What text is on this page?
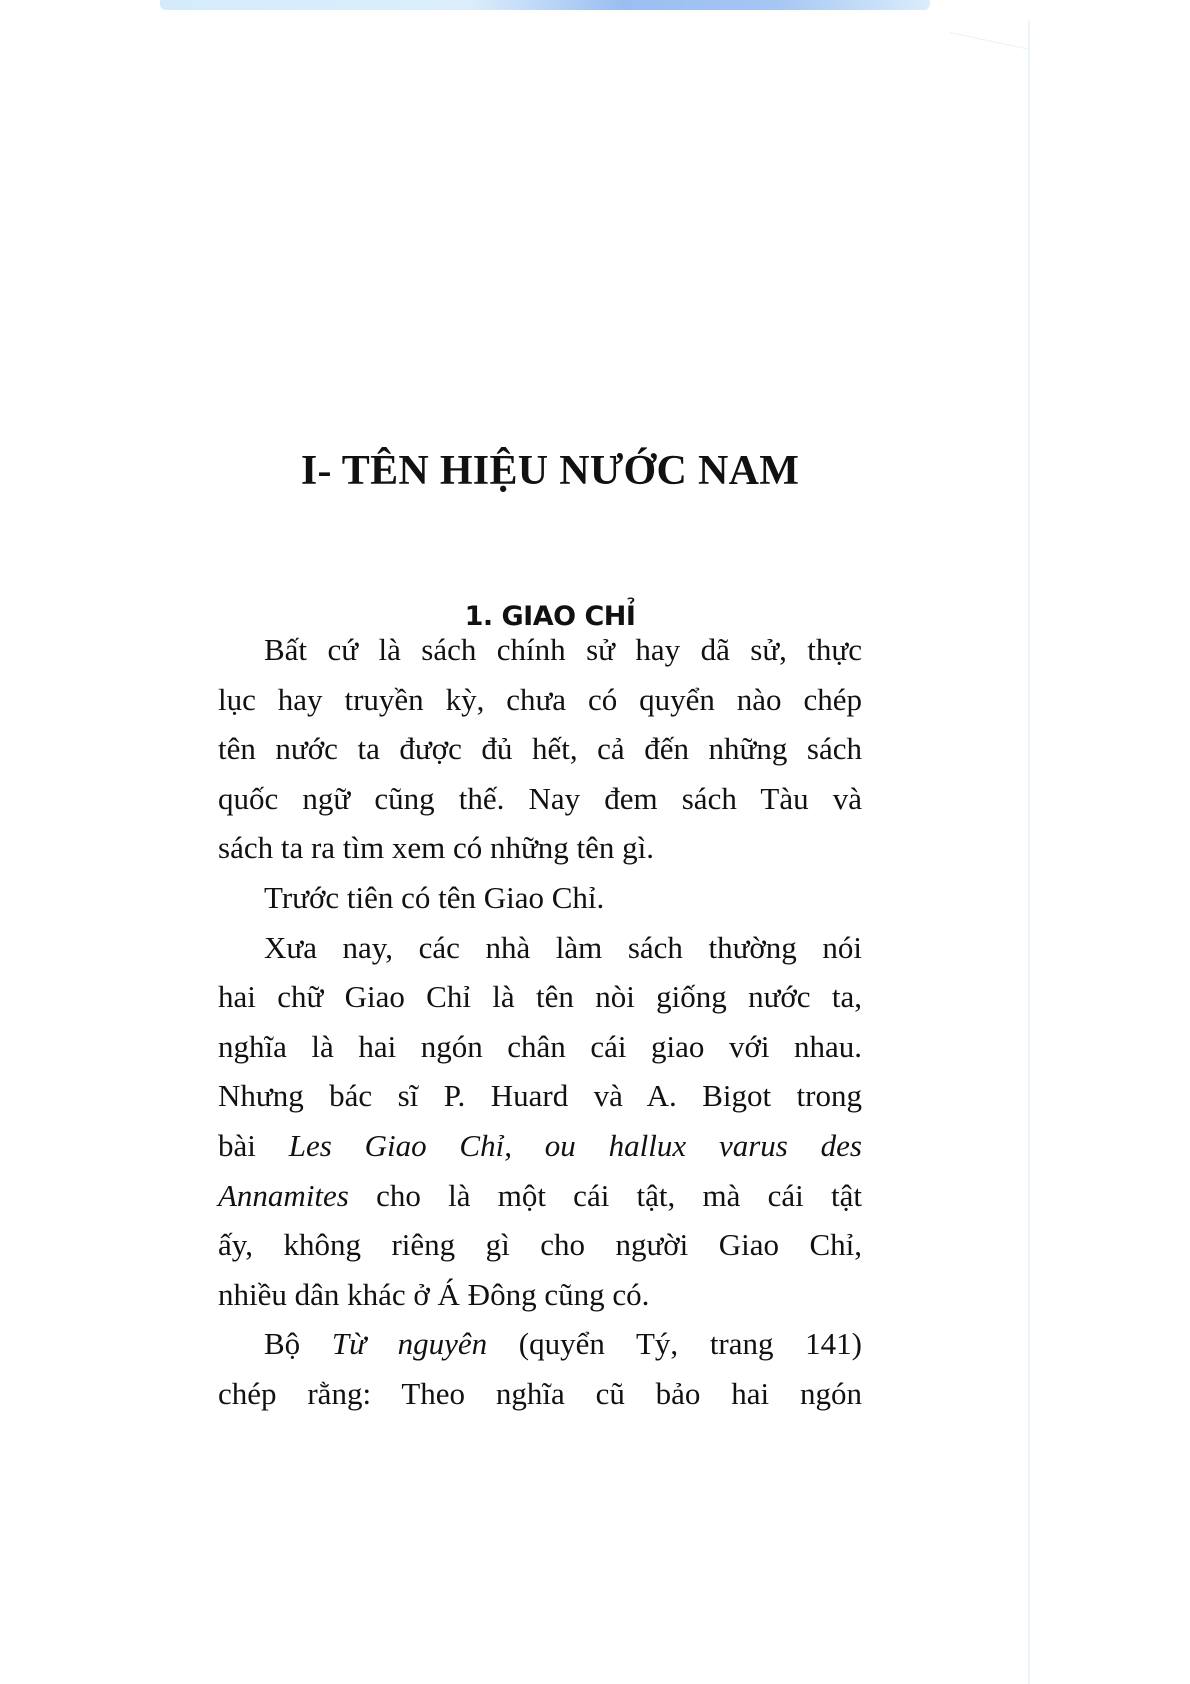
I- TÊN HIỆU NƯỚC NAM
1. GIAO CHỈ
Bất cứ là sách chính sử hay dã sử, thực
lục hay truyền kỳ, chưa có quyển nào chép
tên nước ta được đủ hết, cả đến những sách
quốc ngữ cũng thế. Nay đem sách Tàu và
sách ta ra tìm xem có những tên gì.
Trước tiên có tên Giao Chỉ.
Xưa nay, các nhà làm sách thường nói
hai chữ Giao Chỉ là tên nòi giống nước ta,
nghĩa là hai ngón chân cái giao với nhau.
Nhưng bác sĩ P. Huard và A. Bigot trong
bài Les Giao Chỉ, ou hallux varus des
Annamites cho là một cái tật, mà cái tật
ấy, không riêng gì cho người Giao Chỉ,
nhiều dân khác ở Á Đông cũng có.
Bộ Từ nguyên (quyển Tý, trang 141)
chép rằng: Theo nghĩa cũ bảo hai ngón
